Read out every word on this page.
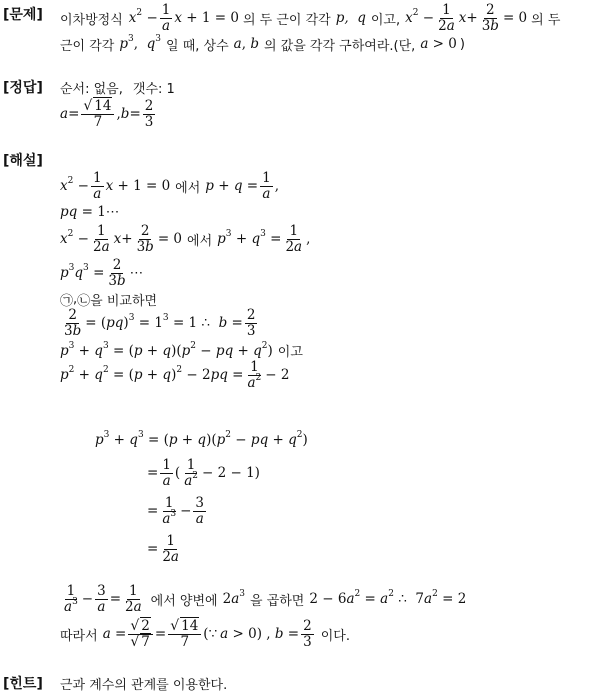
[문제] 이차방정식 $x^2 - \frac{1}{a}$ x + 1 = 0 의 두 근이 각각 p,  q 이고, $x^2 - \frac{1}{2a}$ $x + \frac{2}{3b} = 0$ 의 두
근이 각각 $p^3$,  $q^3$ 일 때, 상수 a , b 의 값을 각각 구하여라.(단, a > 0 )
[정답] 순서: 없음, 갯수: 1
$a = \frac{√ 14}{7}$ , $b = \frac{2}{3}$
[해설]
$x^2 - \frac{1}{a}$ x + 1 = 0 에서 $p + q = \frac{1}{a}$ ,
pq = 1⋯
$x^2 - \frac{1}{2a}$ $x + \frac{2}{3b} = 0$ 에서 $p^3 + q^3 = \frac{1}{2a}$ ,
$p^3q^3 = \frac{2}{3b}$ ⋯
㉠ , ㉡ 을 비교하면
$\frac{2}{3b} = (pq)^3 = 1^3 = 1$ ∴  $b = \frac{2}{3}$
$p^3 + q^3 = (p + q)(p^2$ − pq + $q^2$) 이고
$p^2 + q^2 = (p + q)^2 - 2pq = \frac{1}{a^2} - 2$
$p^3 + q^3 = (p + q)(p^2$ − pq + $q^2$)
= $\frac{1}{a}$ ( $\frac{1}{a^2} - 2 - 1$)
= $\frac{1}{a^3} - \frac{3}{a}$
= $\frac{1}{2a}$
$\frac{1}{a^3} - \frac{3}{a} = \frac{1}{2a}$ 에서 양변에 $2a^3$ 을 곱하면 $2 - 6a^2 = a^2$ ∴  $7a^2 = 2$
따라서 $a = \frac{√ 2}{√ 7} = \frac{√ 14}{7}$ (∵ a > 0) , $b = \frac{2}{3}$ 이다.
[힌트] 근과 계수의 관계를 이용한다.
